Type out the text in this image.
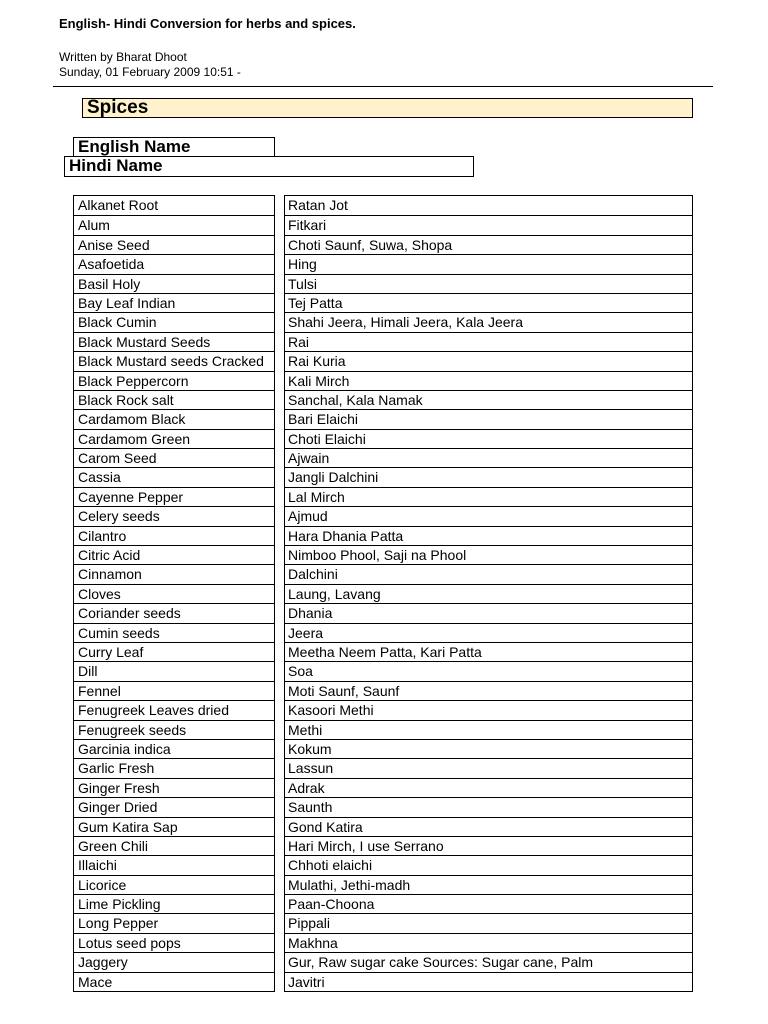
English- Hindi Conversion for herbs and spices.
Written by Bharat Dhoot
Sunday, 01 February 2009 10:51 -
Spices
English Name
Hindi Name
Alkanet Root
Alum
Anise Seed
Asafoetida
Basil Holy
Bay Leaf Indian
Black Cumin
Black Mustard Seeds
Black Mustard seeds Cracked
Black Peppercorn
Black Rock salt
Cardamom Black
Cardamom Green
Carom Seed
Cassia
Cayenne Pepper
Celery seeds
Cilantro
Citric Acid
Cinnamon
Cloves
Coriander seeds
Cumin seeds
Curry Leaf
Dill
Fennel
Fenugreek Leaves dried
Fenugreek seeds
Garcinia indica
Garlic Fresh
Ginger Fresh
Ginger Dried
Gum Katira Sap
Green Chili
Illaichi
Licorice
Lime Pickling
Long Pepper
Lotus seed pops
Jaggery
Mace
Ratan Jot
Fitkari
Choti Saunf, Suwa, Shopa
Hing
Tulsi
Tej Patta
Shahi Jeera, Himali Jeera, Kala Jeera
Rai
Rai Kuria
Kali Mirch
Sanchal, Kala Namak
Bari Elaichi
Choti Elaichi
Ajwain
Jangli Dalchini
Lal Mirch
Ajmud
Hara Dhania Patta
Nimboo Phool, Saji na Phool
Dalchini
Laung, Lavang
Dhania
Jeera
Meetha Neem Patta, Kari Patta
Soa
Moti Saunf, Saunf
Kasoori Methi
Methi
Kokum
Lassun
Adrak
Saunth
Gond Katira
Hari Mirch, I use Serrano
Chhoti elaichi
Mulathi, Jethi-madh
Paan-Choona
Pippali
Makhna
Gur, Raw sugar cake Sources: Sugar cane, Palm
Javitri
